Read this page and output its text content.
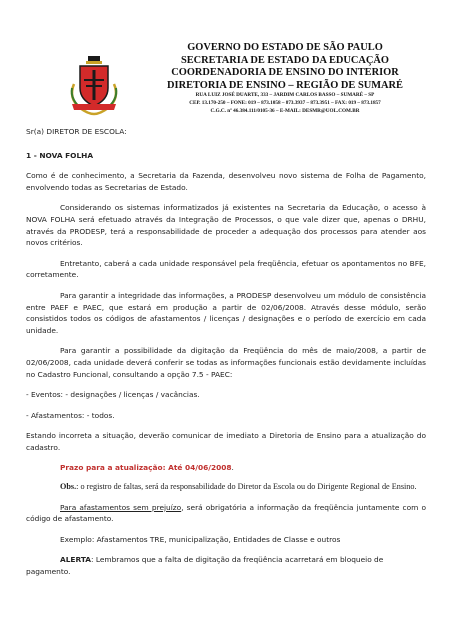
GOVERNO DO ESTADO DE SÃO PAULO
SECRETARIA DE ESTADO DA EDUCAÇÃO
COORDENADORIA DE ENSINO DO INTERIOR
DIRETORIA DE ENSINO – REGIÃO DE SUMARÉ
RUA LUIZ JOSÉ DUARTE, 333 – JARDIM CARLOS BASSO – SUMARÉ – SP
CEP. 13.170-250 – FONE: 019 – 873.1058 – 873.3937 – 873.3951 – FAX: 019 – 873.1857
C.G.C. nº 46.384.111/0105-36 – E-MAIL: DESMR@UOL.COM.BR

Sr(a) DIRETOR DE ESCOLA:

1 - NOVA FOLHA

Como é de conhecimento, a Secretaria da Fazenda, desenvolveu novo sistema de Folha de Pagamento, envolvendo todas as Secretarias de Estado.

Considerando os sistemas informatizados já existentes na Secretaria da Educação, o acesso à NOVA FOLHA será efetuado através da Integração de Processos, o que vale dizer que, apenas o DRHU, através da PRODESP, terá a responsabilidade de proceder a adequação dos processos para atender aos novos critérios.

Entretanto, caberá a cada unidade responsável pela freqüência, efetuar os apontamentos no BFE, corretamente.

Para garantir a integridade das informações, a PRODESP desenvolveu um módulo de consistência entre PAEF e PAEC, que estará em produção a partir de 02/06/2008. Através desse módulo, serão consistidos todos os códigos de afastamentos / licenças / designações e o período de exercício em cada unidade.

Para garantir a possibilidade da digitação da Freqüência do mês de maio/2008, a partir de 02/06/2008, cada unidade deverá conferir se todas as informações funcionais estão devidamente incluídas no Cadastro Funcional, consultando a opção 7.5 - PAEC:

- Eventos: - designações / licenças / vacâncias.

- Afastamentos: - todos.

Estando incorreta a situação, deverão comunicar de imediato a Diretoria de Ensino para a atualização do cadastro.

Prazo para a atualização: Até 04/06/2008.

Obs.: o registro de faltas, será da responsabilidade do Diretor da Escola ou do Dirigente Regional de Ensino.

Para afastamentos sem prejuízo, será obrigatória a informação da freqüência juntamente com o código de afastamento.

Exemplo: Afastamentos TRE, municipalização, Entidades de Classe e outros

ALERTA: Lembramos que a falta de digitação da freqüência acarretará em bloqueio de pagamento.
